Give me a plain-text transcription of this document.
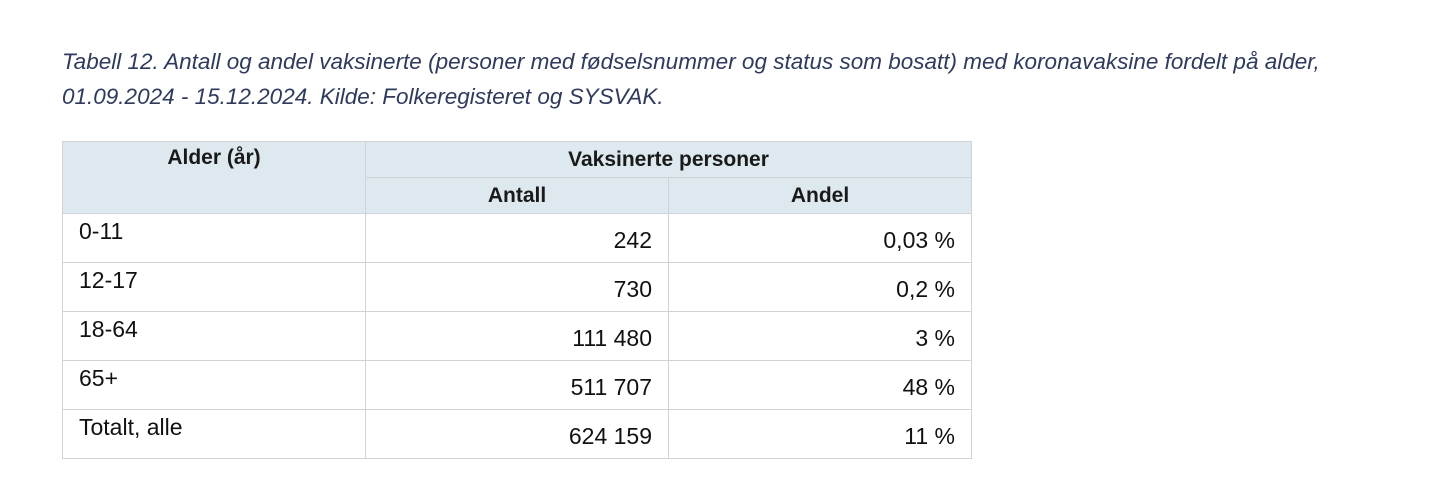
Tabell 12. Antall og andel vaksinerte (personer med fødselsnummer og status som bosatt) med koronavaksine fordelt på alder, 01.09.2024 - 15.12.2024. Kilde: Folkeregisteret og SYSVAK.

Alder (år)	Vaksinerte personer	
	Antall	Andel
0-11	242	0,03 %
12-17	730	0,2 %
18-64	111 480	3 %
65+	511 707	48 %
Totalt, alle	624 159	11 %
